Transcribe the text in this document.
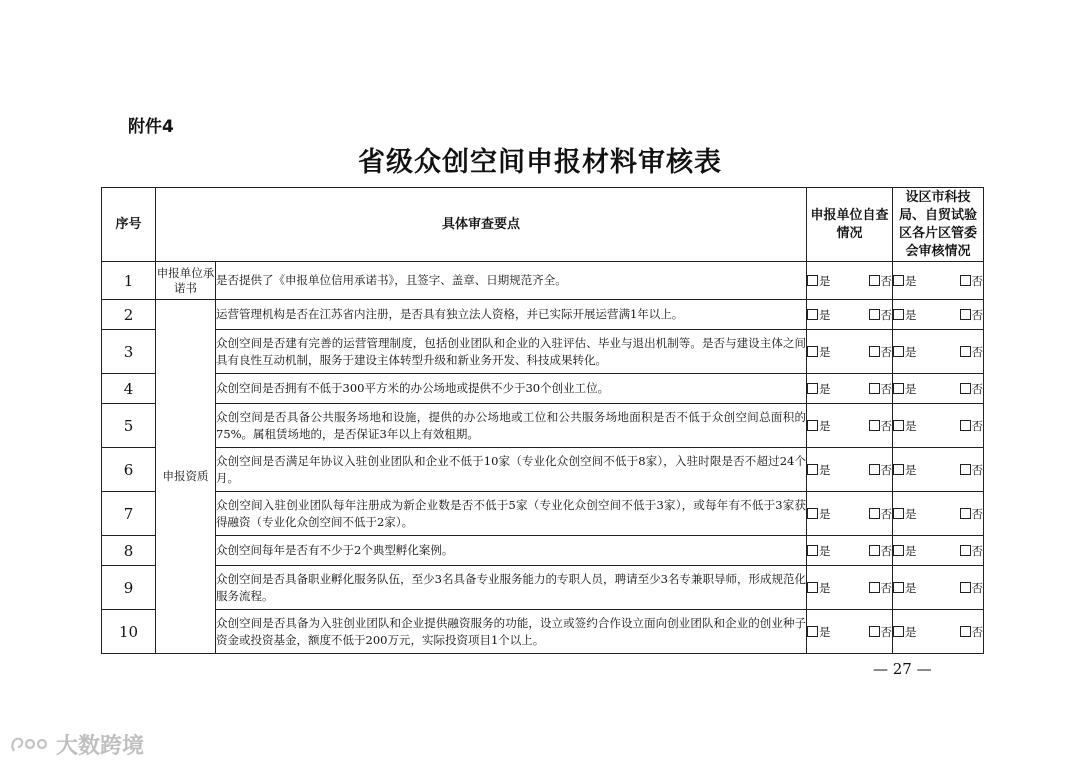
附件4
省级众创空间申报材料审核表
序号	具体审查要点		申报单位自查情况	设区市科技局、自贸试验区各片区管委会审核情况
1	申报单位承诺书	是否提供了《申报单位信用承诺书》，且签字、盖章、日期规范齐全。	是 否	是 否

2	申报资质	运营管理机构是否在江苏省内注册，是否具有独立法人资格，并已实际开展运营满1年以上。	是 否	是 否

3		众创空间是否建有完善的运营管理制度，包括创业团队和企业的入驻评估、毕业与退出机制等。是否与建设主体之间具有良性互动机制，服务于建设主体转型升级和新业务开发、科技成果转化。	是 否	是 否

4		众创空间是否拥有不低于300平方米的办公场地或提供不少于30个创业工位。	是 否	是 否

5		众创空间是否具备公共服务场地和设施，提供的办公场地或工位和公共服务场地面积是否不低于众创空间总面积的75%。属租赁场地的，是否保证3年以上有效租期。	是 否	是 否

6		众创空间是否满足年协议入驻创业团队和企业不低于10家（专业化众创空间不低于8家），入驻时限是否不超过24个月。	是 否	是 否

7		众创空间入驻创业团队每年注册成为新企业数是否不低于5家（专业化众创空间不低于3家），或每年有不低于3家获得融资（专业化众创空间不低于2家）。	是 否	是 否

8		众创空间每年是否有不少于2个典型孵化案例。	是 否	是 否

9		众创空间是否具备职业孵化服务队伍，至少3名具备专业服务能力的专职人员，聘请至少3名专兼职导师，形成规范化服务流程。	是 否	是 否

10		众创空间是否具备为入驻创业团队和企业提供融资服务的功能，设立或签约合作设立面向创业团队和企业的创业种子资金或投资基金，额度不低于200万元，实际投资项目1个以上。	是 否	是 否
— 27 —
大数跨境
